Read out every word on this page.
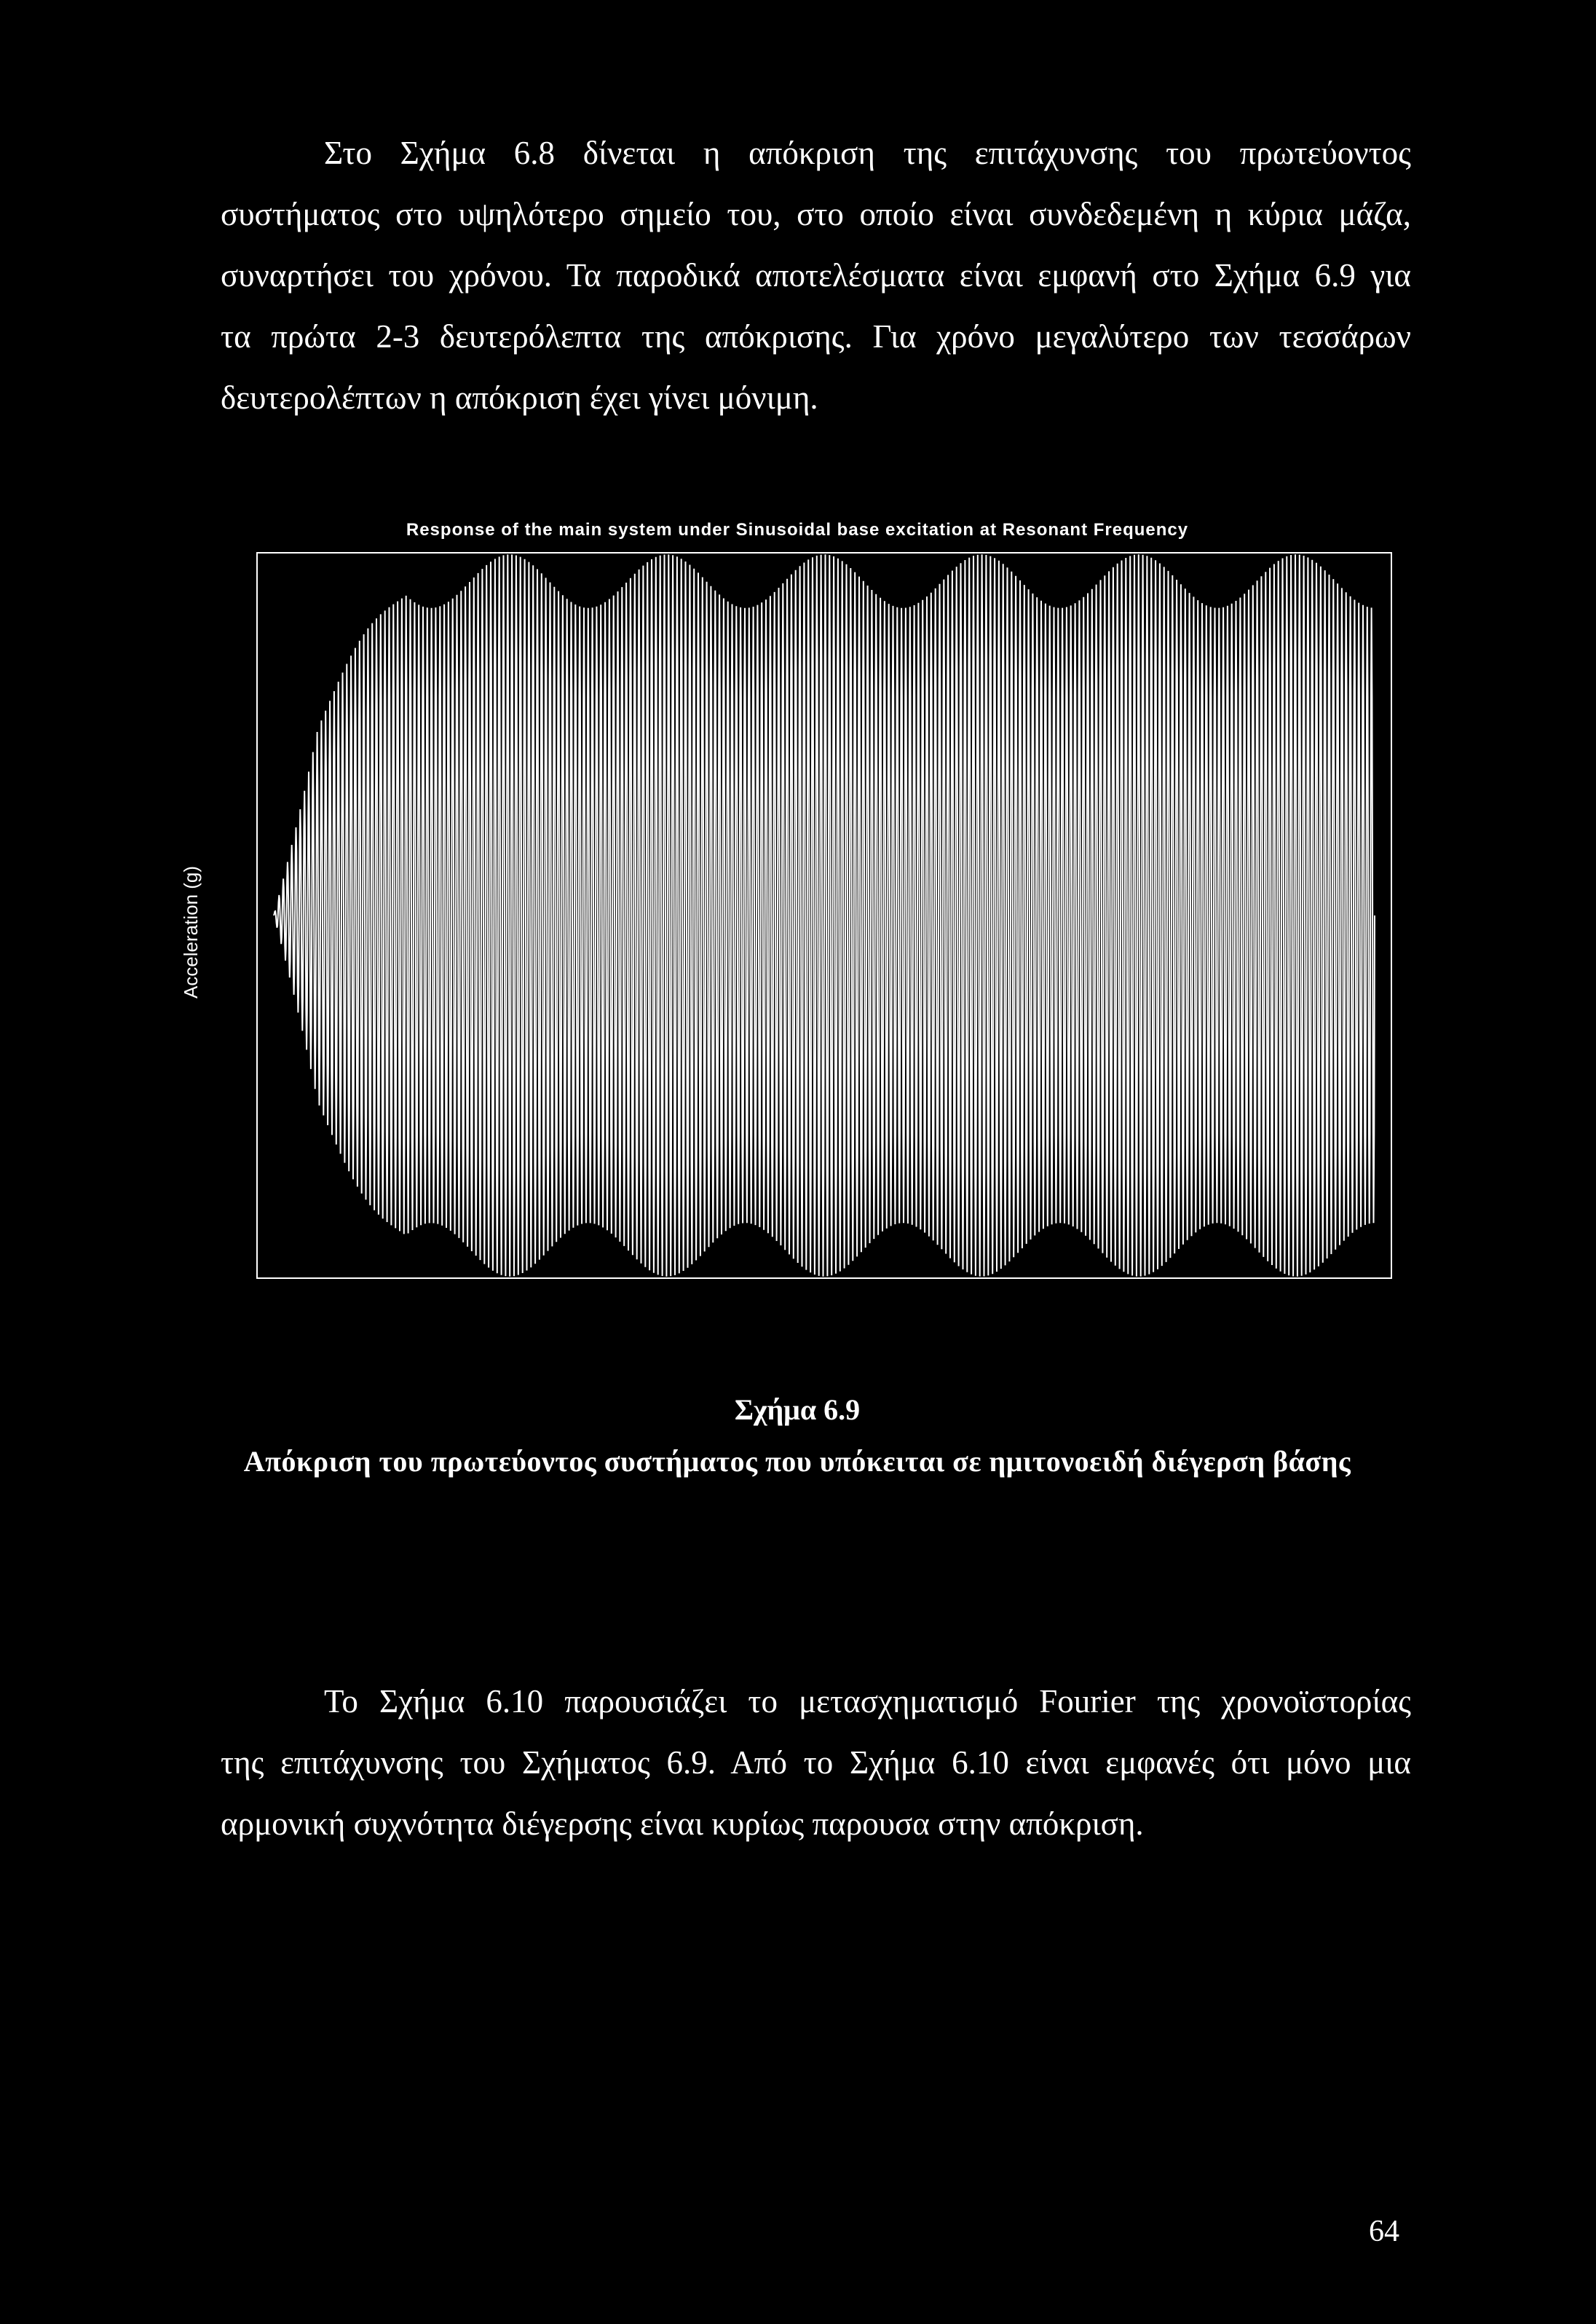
Στο Σχήμα 6.8 δίνεται η απόκριση της επιτάχυνσης του πρωτεύοντος
συστήματος στο υψηλότερο σημείο του, στο οποίο είναι συνδεδεμένη η κύρια μάζα,
συναρτήσει του χρόνου. Τα παροδικά αποτελέσματα είναι εμφανή στο Σχήμα 6.9 για
τα πρώτα 2-3 δευτερόλεπτα της απόκρισης. Για χρόνο μεγαλύτερο των τεσσάρων
δευτερολέπτων η απόκριση έχει γίνει μόνιμη.
Response of the main system under Sinusoidal base excitation at Resonant Frequency
Acceleration (g)
Σχήμα 6.9
Απόκριση του πρωτεύοντος συστήματος που υπόκειται σε ημιτονοειδή διέγερση βάσης
Το Σχήμα 6.10 παρουσιάζει το μετασχηματισμό Fourier της χρονοϊστορίας
της επιτάχυνσης του Σχήματος 6.9. Από το Σχήμα 6.10 είναι εμφανές ότι μόνο μια
αρμονική συχνότητα διέγερσης είναι κυρίως παρουσα στην απόκριση.
64
